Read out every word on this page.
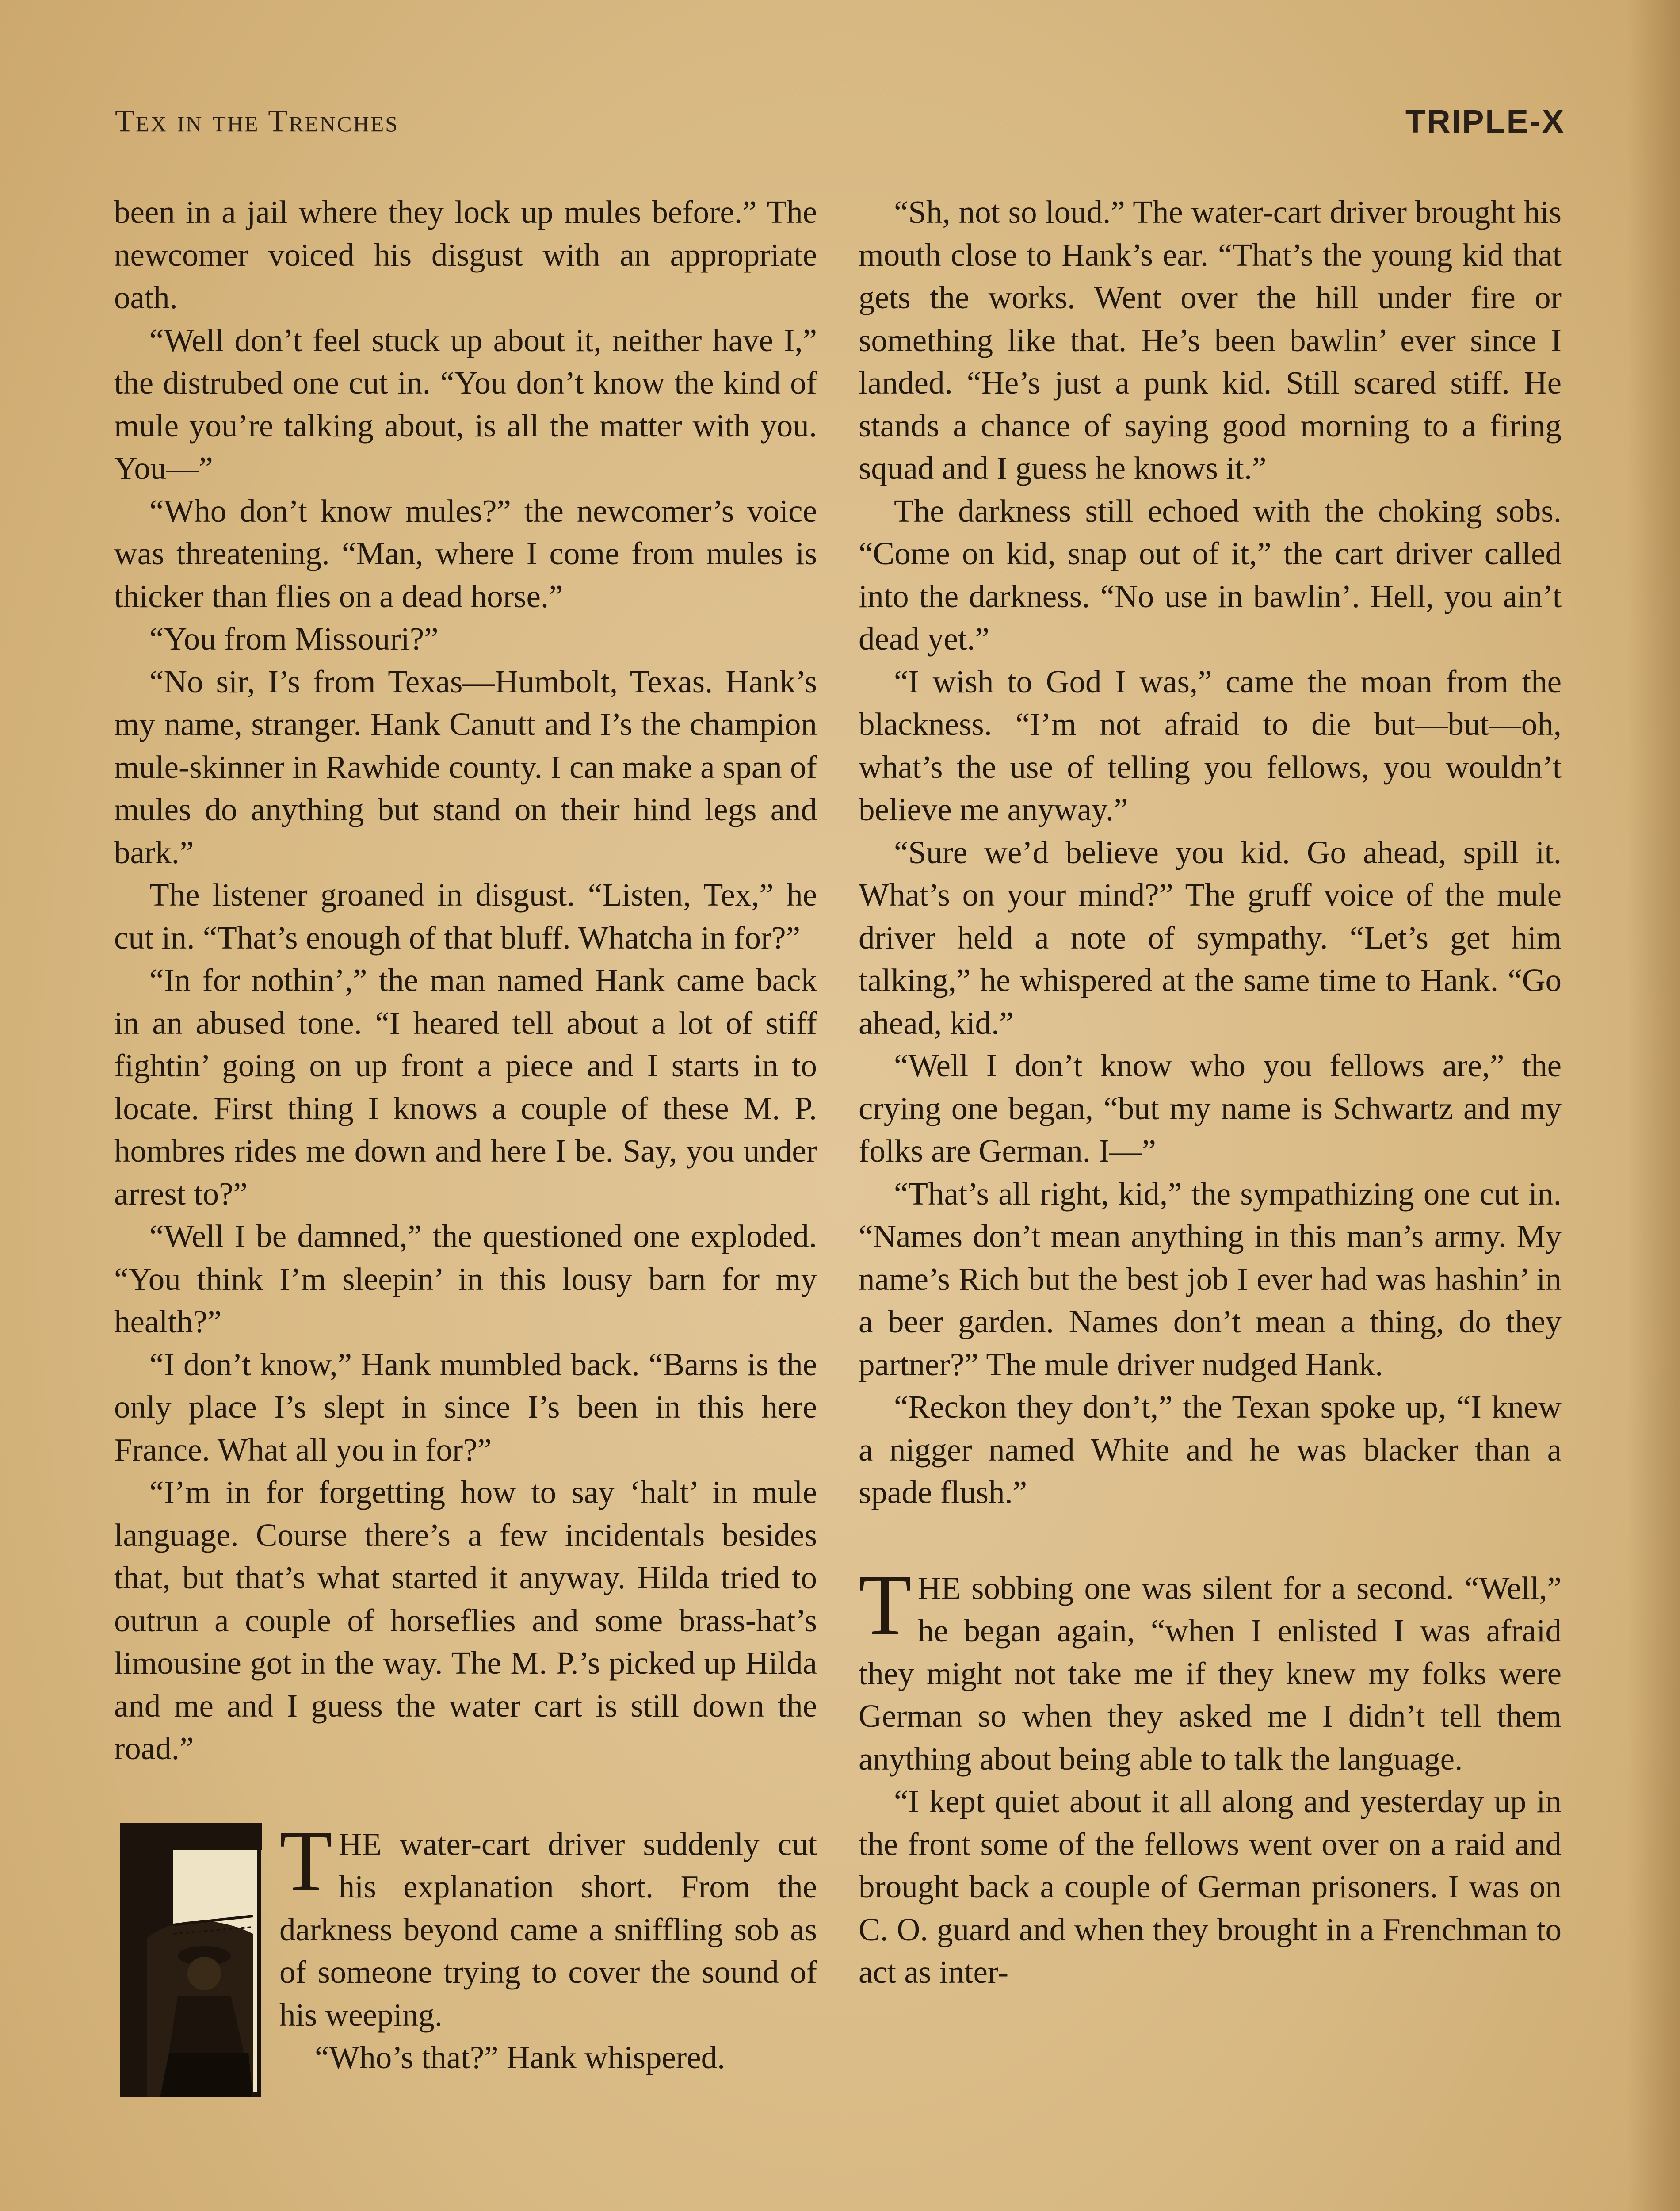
Tex in the Trenches	TRIPLE-X

been in a jail where they lock up mules before.” The newcomer voiced his disgust with an appropriate oath.

“Well don’t feel stuck up about it, neither have I,” the distrubed one cut in. “You don’t know the kind of mule you’re talking about, is all the matter with you. You—”

“Who don’t know mules?” the newcomer’s voice was threatening. “Man, where I come from mules is thicker than flies on a dead horse.”

“You from Missouri?”

“No sir, I’s from Texas—Humbolt, Texas. Hank’s my name, stranger. Hank Canutt and I’s the champion mule-skinner in Rawhide county. I can make a span of mules do anything but stand on their hind legs and bark.”

The listener groaned in disgust. “Listen, Tex,” he cut in. “That’s enough of that bluff. Whatcha in for?”

“In for nothin’,” the man named Hank came back in an abused tone. “I heared tell about a lot of stiff fightin’ going on up front a piece and I starts in to locate. First thing I knows a couple of these M. P. hombres rides me down and here I be. Say, you under arrest to?”

“Well I be damned,” the questioned one exploded. “You think I’m sleepin’ in this lousy barn for my health?”

“I don’t know,” Hank mumbled back. “Barns is the only place I’s slept in since I’s been in this here France. What all you in for?”

“I’m in for forgetting how to say ‘halt’ in mule language. Course there’s a few incidentals besides that, but that’s what started it anyway. Hilda tried to outrun a couple of horseflies and some brass-hat’s limousine got in the way. The M. P.’s picked up Hilda and me and I guess the water cart is still down the road.”

THE water-cart driver suddenly cut his explanation short. From the darkness beyond came a sniffling sob as of someone trying to cover the sound of his weeping.

“Who’s that?” Hank whispered.

“Sh, not so loud.” The water-cart driver brought his mouth close to Hank’s ear. “That’s the young kid that gets the works. Went over the hill under fire or something like that. He’s been bawlin’ ever since I landed. “He’s just a punk kid. Still scared stiff. He stands a chance of saying good morning to a firing squad and I guess he knows it.”

The darkness still echoed with the choking sobs. “Come on kid, snap out of it,” the cart driver called into the darkness. “No use in bawlin’. Hell, you ain’t dead yet.”

“I wish to God I was,” came the moan from the blackness. “I’m not afraid to die but—but—oh, what’s the use of telling you fellows, you wouldn’t believe me anyway.”

“Sure we’d believe you kid. Go ahead, spill it. What’s on your mind?” The gruff voice of the mule driver held a note of sympathy. “Let’s get him talking,” he whispered at the same time to Hank. “Go ahead, kid.”

“Well I don’t know who you fellows are,” the crying one began, “but my name is Schwartz and my folks are German. I—”

“That’s all right, kid,” the sympathizing one cut in. “Names don’t mean anything in this man’s army. My name’s Rich but the best job I ever had was hashin’ in a beer garden. Names don’t mean a thing, do they partner?” The mule driver nudged Hank.

“Reckon they don’t,” the Texan spoke up, “I knew a nigger named White and he was blacker than a spade flush.”

THE sobbing one was silent for a second. “Well,” he began again, “when I enlisted I was afraid they might not take me if they knew my folks were German so when they asked me I didn’t tell them anything about being able to talk the language.

“I kept quiet about it all along and yesterday up in the front some of the fellows went over on a raid and brought back a couple of German prisoners. I was on C. O. guard and when they brought in a Frenchman to act as inter-
